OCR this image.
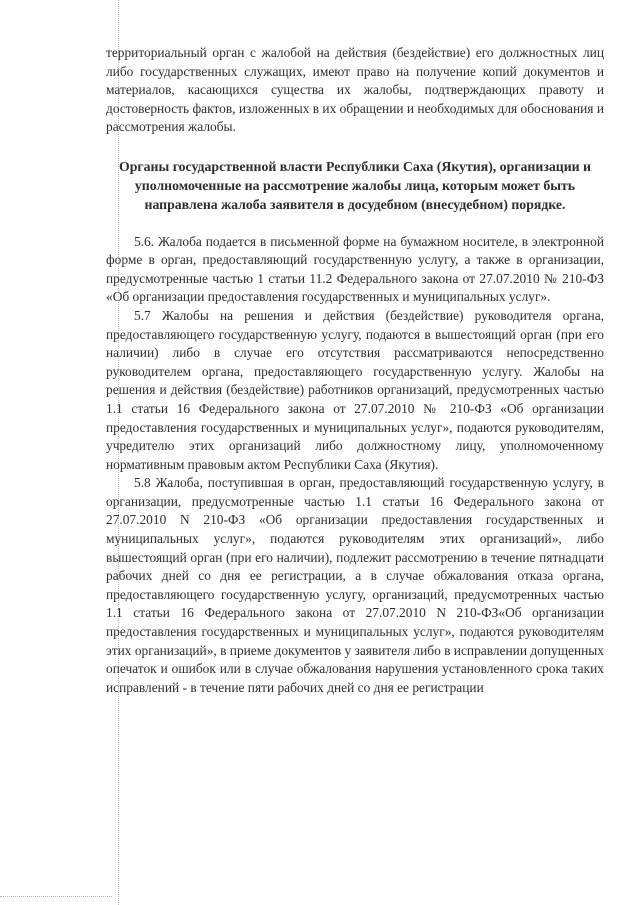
территориальный орган с жалобой на действия (бездействие) его должностных лиц либо государственных служащих, имеют право на получение копий документов и материалов, касающихся существа их жалобы, подтверждающих правоту и достоверность фактов, изложенных в их обращении и необходимых для обоснования и рассмотрения жалобы.

Органы государственной власти Республики Саха (Якутия), организации и уполномоченные на рассмотрение жалобы лица, которым может быть направлена жалоба заявителя в досудебном (внесудебном) порядке.

5.6. Жалоба подается в письменной форме на бумажном носителе, в электронной форме в орган, предоставляющий государственную услугу, а также в организации, предусмотренные частью 1 статьи 11.2 Федерального закона от 27.07.2010 № 210-ФЗ «Об организации предоставления государственных и муниципальных услуг».

5.7 Жалобы на решения и действия (бездействие) руководителя органа, предоставляющего государственную услугу, подаются в вышестоящий орган (при его наличии) либо в случае его отсутствия рассматриваются непосредственно руководителем органа, предоставляющего государственную услугу. Жалобы на решения и действия (бездействие) работников организаций, предусмотренных частью 1.1 статьи 16 Федерального закона от 27.07.2010 № 210-ФЗ «Об организации предоставления государственных и муниципальных услуг», подаются руководителям, учредителю этих организаций либо должностному лицу, уполномоченному нормативным правовым актом Республики Саха (Якутия).

5.8 Жалоба, поступившая в орган, предоставляющий государственную услугу, в организации, предусмотренные частью 1.1 статьи 16 Федерального закона от 27.07.2010 N 210-ФЗ «Об организации предоставления государственных и муниципальных услуг», подаются руководителям этих организаций», либо вышестоящий орган (при его наличии), подлежит рассмотрению в течение пятнадцати рабочих дней со дня ее регистрации, а в случае обжалования отказа органа, предоставляющего государственную услугу, организаций, предусмотренных частью 1.1 статьи 16 Федерального закона от 27.07.2010 N 210-ФЗ«Об организации предоставления государственных и муниципальных услуг», подаются руководителям этих организаций», в приеме документов у заявителя либо в исправлении допущенных опечаток и ошибок или в случае обжалования нарушения установленного срока таких исправлений - в течение пяти рабочих дней со дня ее регистрации
